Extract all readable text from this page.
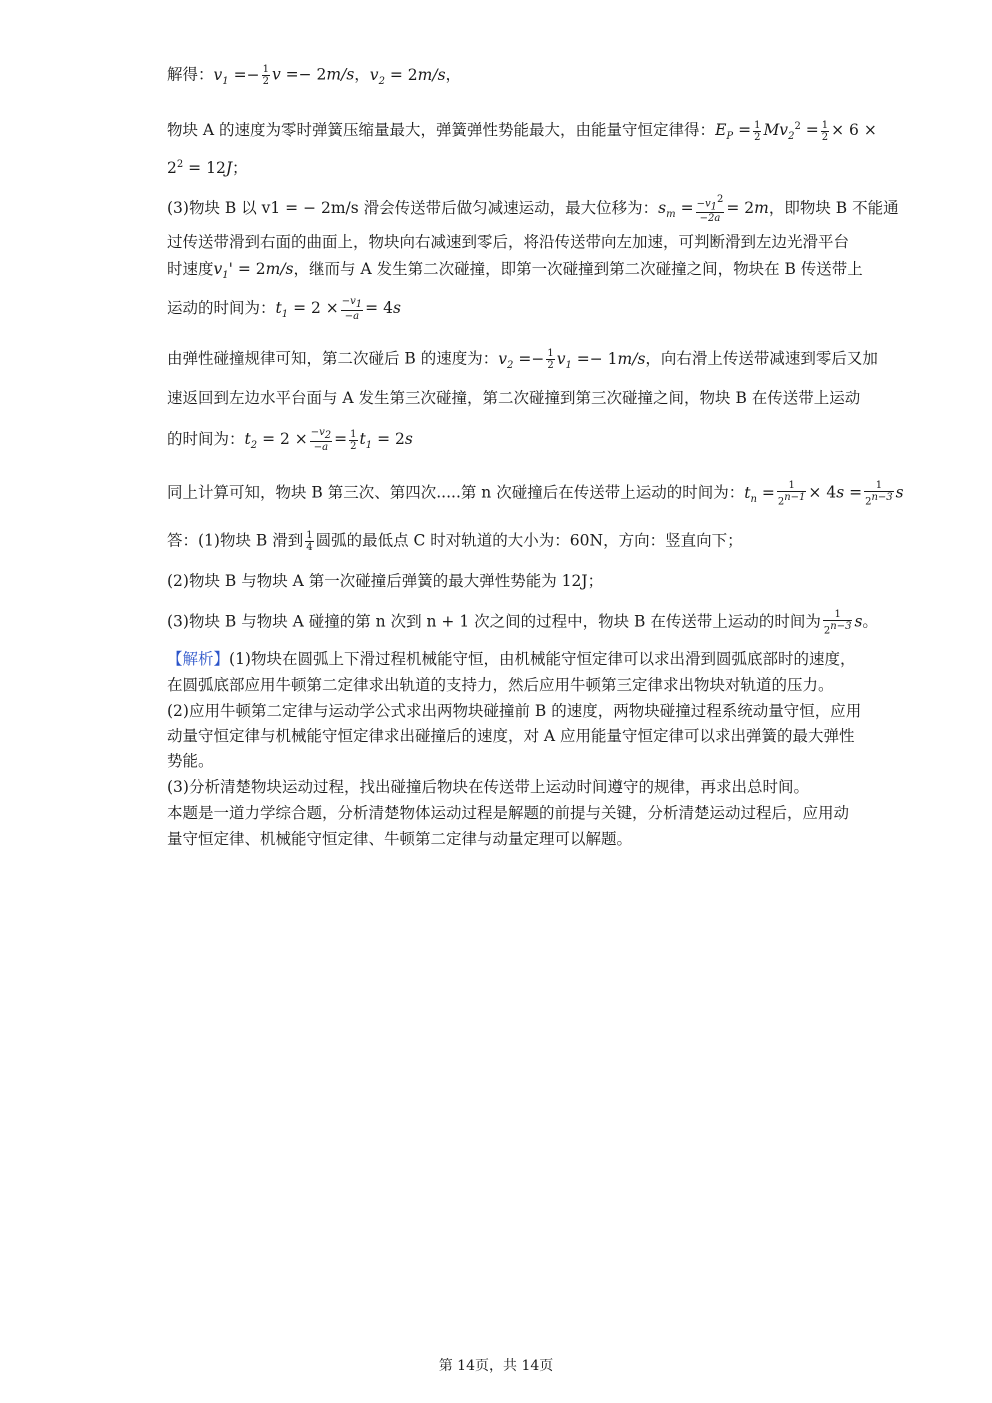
解得：$v_1 =- \frac{1}{2}$ v =− 2m/s，$v_2 = 2m/s$，
物块 A 的速度为零时弹簧压缩量最大，弹簧弹性势能最大，由能量守恒定律得：$E_P = \frac{1}{2} Mv_2^2 = \frac{1}{2} \times 6$ ×
$2^2 = 12J$；
(3)物块 B 以 v1 = − 2m/s 滑会传送带后做匀减速运动，最大位移为：$s_m = \frac{-v_1^2}{-2a} = 2m$，即物块 B 不能通
过传送带滑到右面的曲面上，物块向右减速到零后，将沿传送带向左加速，可判断滑到左边光滑平台
时速度$v_1' = 2m/s$，继而与 A 发生第二次碰撞，即第一次碰撞到第二次碰撞之间，物块在 B 传送带上
运动的时间为：$t_1 = 2 \times \frac{-v_1}{-a} = 4s$
由弹性碰撞规律可知，第二次碰后 B 的速度为：$v_2 =- \frac{1}{2} v_1 =- 1m/s$，向右滑上传送带减速到零后又加
速返回到左边水平台面与 A 发生第三次碰撞，第二次碰撞到第三次碰撞之间，物块 B 在传送带上运动
的时间为：$t_2 = 2 \times \frac{-v_2}{-a} = \frac{1}{2} t_1 = 2s$
同上计算可知，物块 B 第三次、第四次.....第 n 次碰撞后在传送带上运动的时间为：$t_n = \frac{1}{2^{n-1}} \times 4s = \frac{1}{2^{n-3}}$ s
答：(1)物块 B 滑到 $\frac{1}{4}$ 圆弧的最低点 C 时对轨道的大小为：60N，方向：竖直向下；
(2)物块 B 与物块 A 第一次碰撞后弹簧的最大弹性势能为 12J；
(3)物块 B 与物块 A 碰撞的第 n 次到 n + 1 次之间的过程中，物块 B 在传送带上运动的时间为 $\frac{1}{2^{n-3}}$ s。
【解析】(1)物块在圆弧上下滑过程机械能守恒，由机械能守恒定律可以求出滑到圆弧底部时的速度，
在圆弧底部应用牛顿第二定律求出轨道的支持力，然后应用牛顿第三定律求出物块对轨道的压力。
(2)应用牛顿第二定律与运动学公式求出两物块碰撞前 B 的速度，两物块碰撞过程系统动量守恒，应用
动量守恒定律与机械能守恒定律求出碰撞后的速度，对 A 应用能量守恒定律可以求出弹簧的最大弹性
势能。
(3)分析清楚物块运动过程，找出碰撞后物块在传送带上运动时间遵守的规律，再求出总时间。
本题是一道力学综合题，分析清楚物体运动过程是解题的前提与关键，分析清楚运动过程后，应用动
量守恒定律、机械能守恒定律、牛顿第二定律与动量定理可以解题。
第 14页，共 14页
